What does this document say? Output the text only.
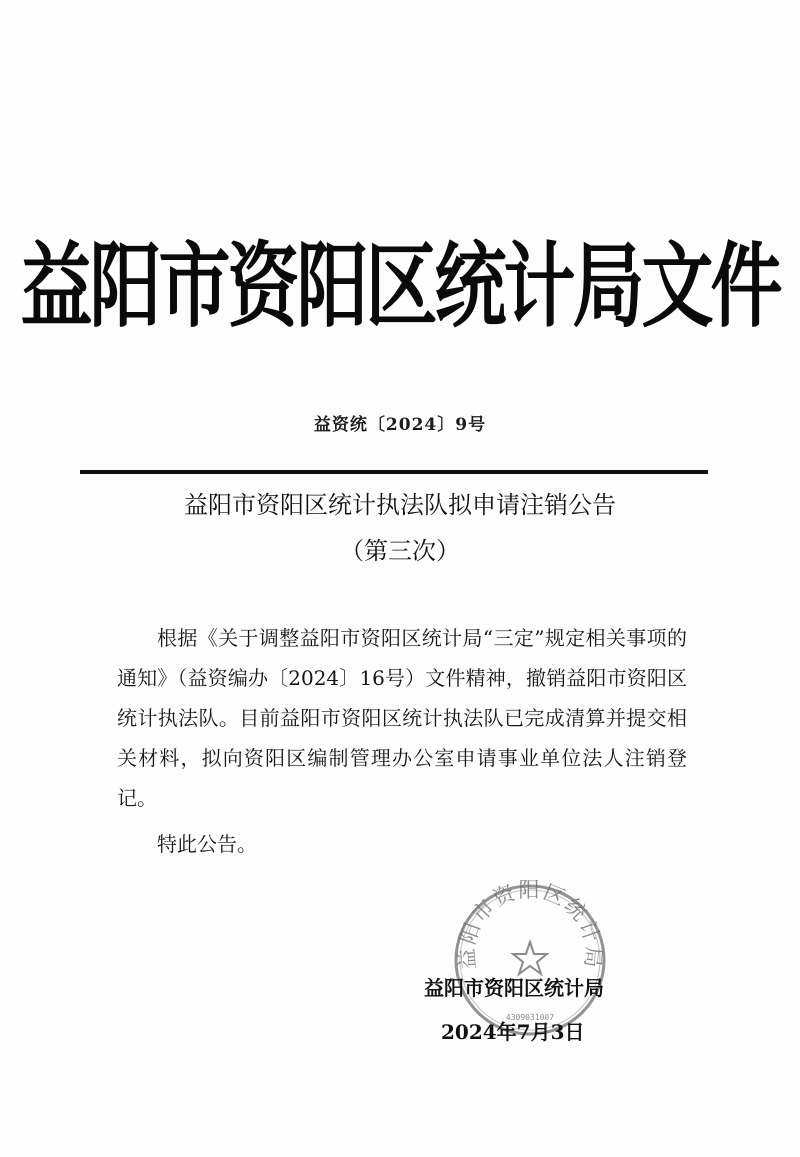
益阳市资阳区统计局文件
益资统〔2024〕9号
益阳市资阳区统计执法队拟申请注销公告
（第三次）

根据《关于调整益阳市资阳区统计局“三定”规定相关事项的通知》（益资编办〔2024〕16号）文件精神，撤销益阳市资阳区统计执法队。目前益阳市资阳区统计执法队已完成清算并提交相关材料，拟向资阳区编制管理办公室申请事业单位法人注销登记。

特此公告。
益阳市资阳区统计局
4309031007
益阳市资阳区统计局
2024年7月3日
